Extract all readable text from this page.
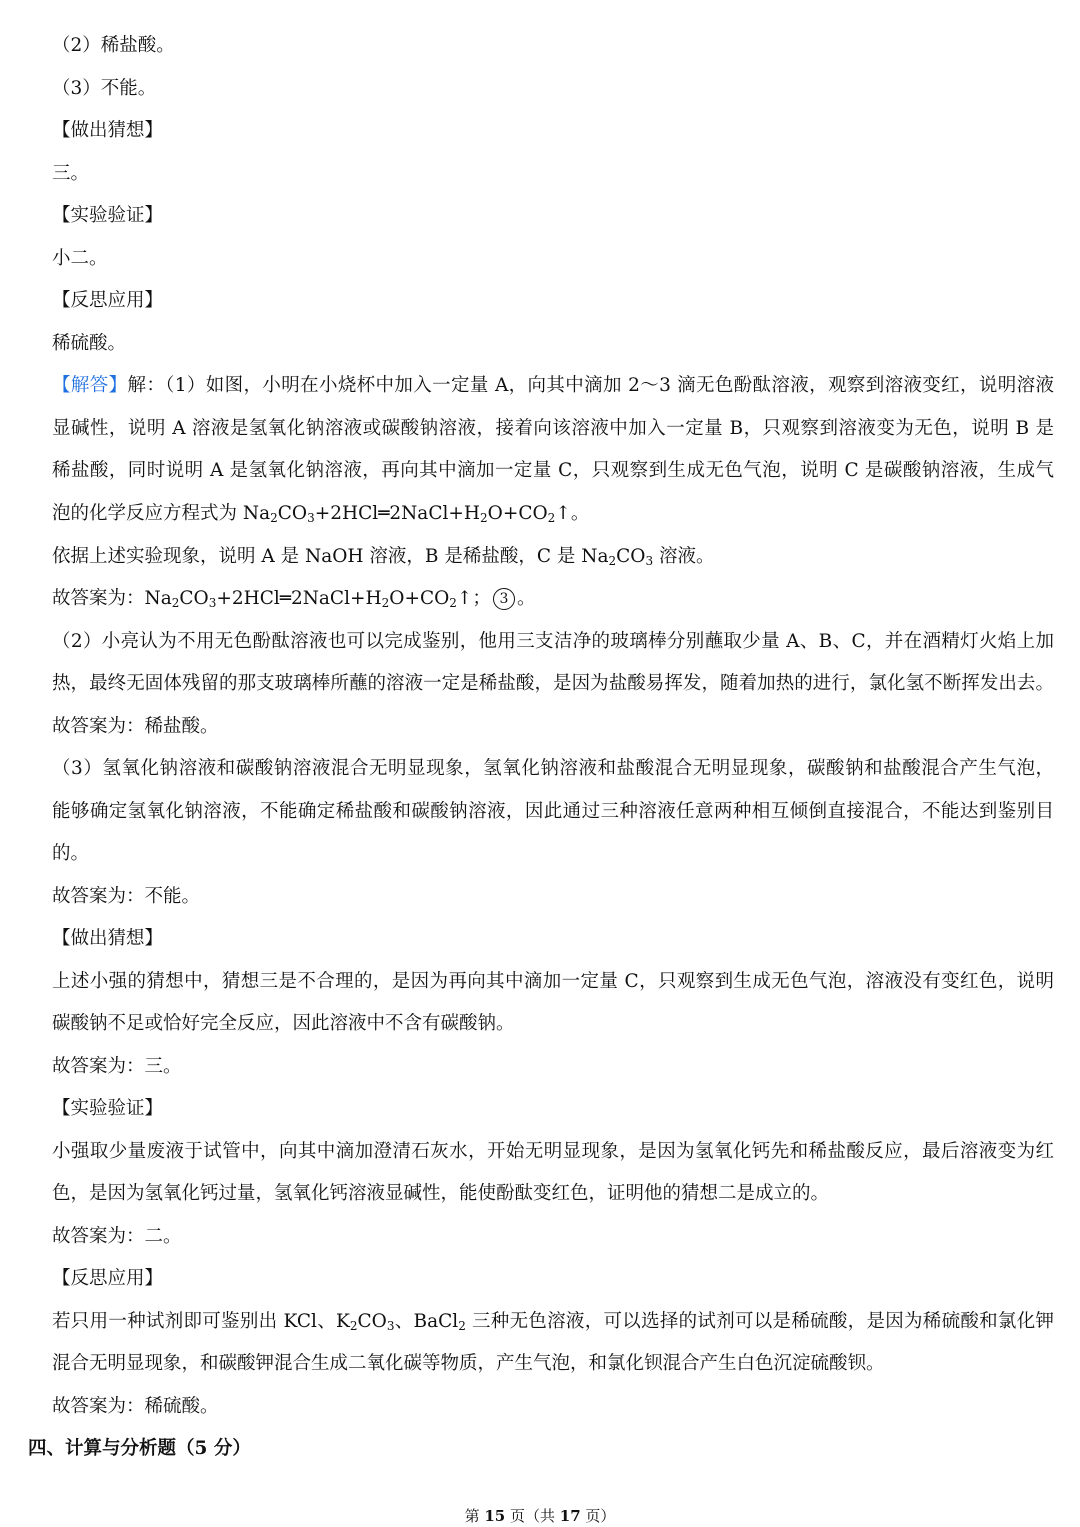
（2）稀盐酸。
（3）不能。
【做出猜想】
三。
【实验验证】
小二。
【反思应用】
稀硫酸。
【解答】解：（1）如图，小明在小烧杯中加入一定量 A，向其中滴加 2～3 滴无色酚酞溶液，观察到溶液变红，说明溶液
显碱性，说明 A 溶液是氢氧化钠溶液或碳酸钠溶液，接着向该溶液中加入一定量 B，只观察到溶液变为无色，说明 B 是
稀盐酸，同时说明 A 是氢氧化钠溶液，再向其中滴加一定量 C，只观察到生成无色气泡，说明 C 是碳酸钠溶液，生成气
泡的化学反应方程式为 $Na_2CO_3+2HCl═2NaCl+H_2O+CO_2↑$。
依据上述实验现象，说明 A 是 NaOH 溶液，B 是稀盐酸，C 是 $Na_2CO_3$ 溶液。
故答案为：$Na_2CO_3+2HCl═2NaCl+H_2O+CO_2↑$； 3 。
（2）小亮认为不用无色酚酞溶液也可以完成鉴别，他用三支洁净的玻璃棒分别蘸取少量 A、B、C，并在酒精灯火焰上加
热，最终无固体残留的那支玻璃棒所蘸的溶液一定是稀盐酸，是因为盐酸易挥发，随着加热的进行，氯化氢不断挥发出去。
故答案为：稀盐酸。
（3）氢氧化钠溶液和碳酸钠溶液混合无明显现象，氢氧化钠溶液和盐酸混合无明显现象，碳酸钠和盐酸混合产生气泡，
能够确定氢氧化钠溶液，不能确定稀盐酸和碳酸钠溶液，因此通过三种溶液任意两种相互倾倒直接混合，不能达到鉴别目
的。
故答案为：不能。
【做出猜想】
上述小强的猜想中，猜想三是不合理的，是因为再向其中滴加一定量 C，只观察到生成无色气泡，溶液没有变红色，说明
碳酸钠不足或恰好完全反应，因此溶液中不含有碳酸钠。
故答案为：三。
【实验验证】
小强取少量废液于试管中，向其中滴加澄清石灰水，开始无明显现象，是因为氢氧化钙先和稀盐酸反应，最后溶液变为红
色，是因为氢氧化钙过量，氢氧化钙溶液显碱性，能使酚酞变红色，证明他的猜想二是成立的。
故答案为：二。
【反思应用】
若只用一种试剂即可鉴别出 KCl、$K_2CO_3$、BaCl$_2$ 三种无色溶液，可以选择的试剂可以是稀硫酸，是因为稀硫酸和氯化钾
混合无明显现象，和碳酸钾混合生成二氧化碳等物质，产生气泡，和氯化钡混合产生白色沉淀硫酸钡。
故答案为：稀硫酸。
四、计算与分析题（5 分）
第 15 页（共 17 页）
